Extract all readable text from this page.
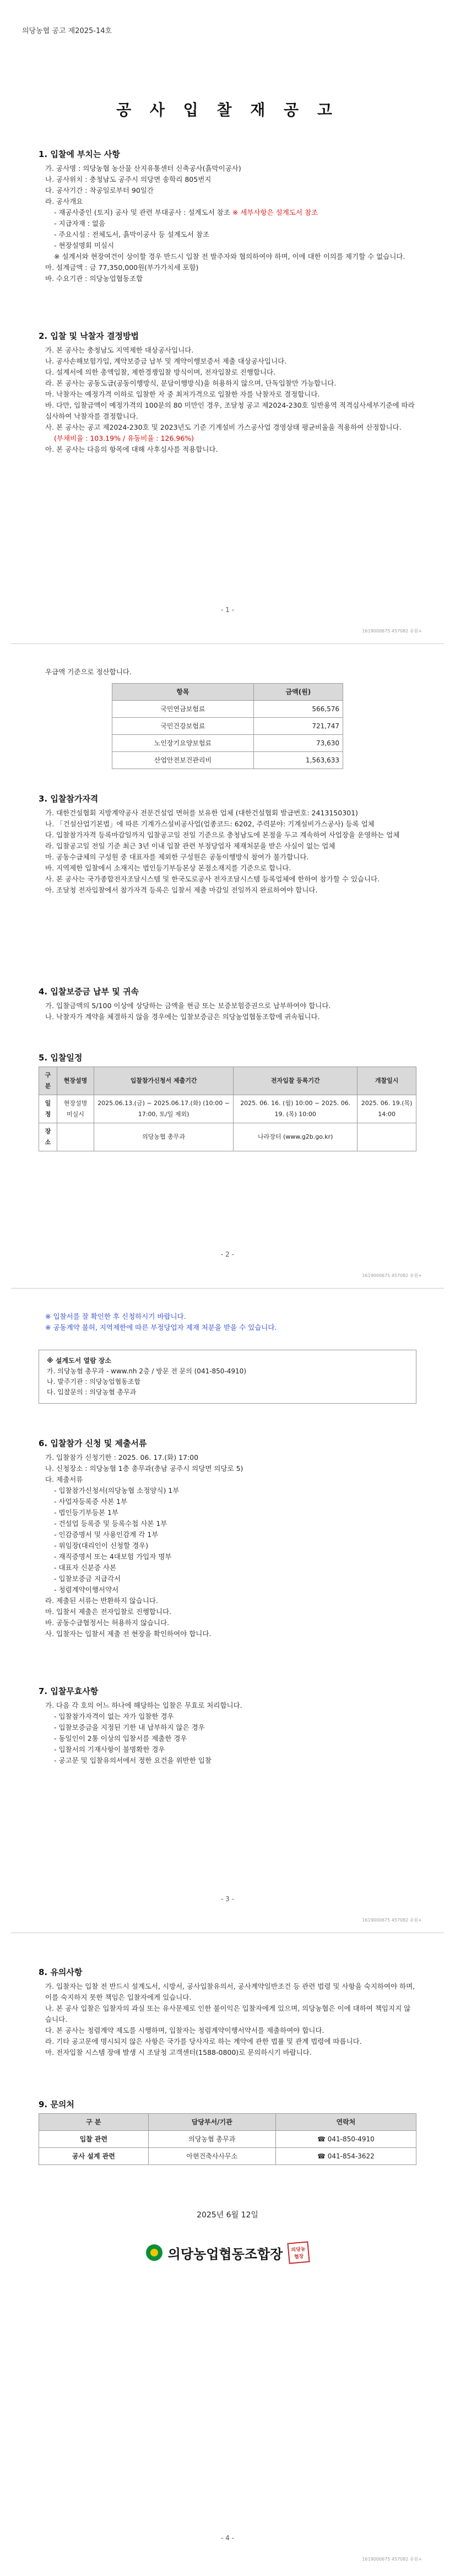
의당농협 공고 제2025-14호
공 사 입 찰 재 공 고
1. 입찰에 부치는 사항
가. 공사명 : 의당농협 농산물 산지유통센터 신축공사(흙막이공사)
나. 공사위치 : 충청남도 공주시 의당면 송학리 805번지
다. 공사기간 : 착공일로부터 90일간
라. 공사개요
- 재공사중인 (토지) 공사 및 관련 부대공사 : 설계도서 참조 ※ 세부사항은 설계도서 참조
- 지급자재 : 없음
- 주요시설 : 전체도서, 흙막이공사 등 설계도서 참조
- 현장설명회 미실시
※ 설계서와 현장여건이 상이할 경우 반드시 입찰 전 발주자와 협의하여야 하며, 이에 대한 이의를 제기할 수 없습니다.
마. 설계금액 : 금 77,350,000원(부가가치세 포함)
바. 수요기관 : 의당농업협동조합
2. 입찰 및 낙찰자 결정방법
가. 본 공사는 충청남도 지역제한 대상공사입니다.
나. 공사손해보험가입, 계약보증금 납부 및 계약이행보증서 제출 대상공사입니다.
다. 설계서에 의한 총액입찰, 제한경쟁입찰 방식이며, 전자입찰로 진행합니다.
라. 본 공사는 공동도급(공동이행방식, 분담이행방식)을 허용하지 않으며, 단독입찰만 가능합니다.
마. 낙찰자는 예정가격 이하로 입찰한 자 중 최저가격으로 입찰한 자를 낙찰자로 결정합니다.
바. 다만, 입찰금액이 예정가격의 100분의 80 미만인 경우, 조달청 공고 제2024-230호 일반용역 적격심사세부기준에 따라 심사하여 낙찰자를 결정합니다.
사. 본 공사는 공고 제2024-230호 및 2023년도 기준 기계설비 가스공사업 경영상태 평균비율을 적용하여 산정합니다.
(부채비율 : 103.19% / 유동비율 : 126.96%)
아. 본 공사는 다음의 항목에 대해 사후심사를 적용합니다.
- 1 -
1619000675 457082 유원+
우급액 기준으로 정산합니다.
항목	금액(원)
국민연금보험료	566,576
국민건강보험료	721,747
노인장기요양보험료	73,630
산업안전보건관리비	1,563,633
3. 입찰참가자격
가. 대한건설협회 지방계약공사 전문건설업 면허를 보유한 업체 (대한건설협회 발급번호: 2413150301)
나. 「건설산업기본법」에 따른 기계가스설비공사업(업종코드: 6202, 주력분야: 기계설비가스공사) 등록 업체
다. 입찰참가자격 등록마감일까지 입찰공고일 전일 기준으로 충청남도에 본점을 두고 계속하여 사업장을 운영하는 업체
라. 입찰공고일 전일 기준 최근 3년 이내 입찰 관련 부정당업자 제재처분을 받은 사실이 없는 업체
마. 공동수급체의 구성원 중 대표자를 제외한 구성원은 공동이행방식 참여가 불가합니다.
바. 지역제한 입찰에서 소재지는 법인등기부등본상 본점소재지를 기준으로 합니다.
사. 본 공사는 국가종합전자조달시스템 및 한국도로공사 전자조달시스템 등록업체에 한하여 참가할 수 있습니다.
아. 조달청 전자입찰에서 참가자격 등록은 입찰서 제출 마감일 전일까지 완료하여야 합니다.
4. 입찰보증금 납부 및 귀속
가. 입찰금액의 5/100 이상에 상당하는 금액을 현금 또는 보증보험증권으로 납부하여야 합니다.
나. 낙찰자가 계약을 체결하지 않을 경우에는 입찰보증금은 의당농업협동조합에 귀속됩니다.
5. 입찰일정
구 분	현장설명	입찰참가신청서 제출기간	전자입찰 등록기간	개찰일시
일 정	현장설명 미실시	2025.06.13.(금) ~ 2025.06.17.(화) (10:00 ~ 17:00, 토/일 제외)	2025. 06. 16. (월) 10:00 ~ 2025. 06. 19. (목) 10:00	2025. 06. 19.(목) 14:00
장 소		의당농협 총무과	나라장터 (www.g2b.go.kr)	
- 2 -
1619000675 457082 유원+
※ 입찰서를 잘 확인한 후 신청하시기 바랍니다.
※ 공동계약 불허, 지역제한에 따른 부정당업자 제재 처분을 받을 수 있습니다.
※ 설계도서 열람 장소
가. 의당농협 총무과 - www.nh 2층 / 방문 전 문의 (041-850-4910)
나. 발주기관 : 의당농업협동조합
다. 입찰문의 : 의당농협 총무과
6. 입찰참가 신청 및 제출서류
가. 입찰참가 신청기한 : 2025. 06. 17.(화) 17:00
나. 신청장소 : 의당농협 1층 총무과(충남 공주시 의당면 의당로 5)
다. 제출서류
- 입찰참가신청서(의당농협 소정양식) 1부
- 사업자등록증 사본 1부
- 법인등기부등본 1부
- 건설업 등록증 및 등록수첩 사본 1부
- 인감증명서 및 사용인감계 각 1부
- 위임장(대리인이 신청할 경우)
- 재직증명서 또는 4대보험 가입자 명부
- 대표자 신분증 사본
- 입찰보증금 지급각서
- 청렴계약이행서약서
라. 제출된 서류는 반환하지 않습니다.
마. 입찰서 제출은 전자입찰로 진행합니다.
바. 공동수급협정서는 허용하지 않습니다.
사. 입찰자는 입찰서 제출 전 현장을 확인하여야 합니다.
7. 입찰무효사항
가. 다음 각 호의 어느 하나에 해당하는 입찰은 무효로 처리합니다.
- 입찰참가자격이 없는 자가 입찰한 경우
- 입찰보증금을 지정된 기한 내 납부하지 않은 경우
- 동일인이 2통 이상의 입찰서를 제출한 경우
- 입찰서의 기재사항이 불명확한 경우
- 공고문 및 입찰유의서에서 정한 요건을 위반한 입찰
- 3 -
1619000675 457082 유원+
8. 유의사항
가. 입찰자는 입찰 전 반드시 설계도서, 시방서, 공사입찰유의서, 공사계약일반조건 등 관련 법령 및 사항을 숙지하여야 하며, 이를 숙지하지 못한 책임은 입찰자에게 있습니다.
나. 본 공사 입찰은 입찰자의 과실 또는 유사문제로 인한 불이익은 입찰자에게 있으며, 의당농협은 이에 대하여 책임지지 않습니다.
다. 본 공사는 청렴계약 제도를 시행하며, 입찰자는 청렴계약이행서약서를 제출하여야 합니다.
라. 기타 공고문에 명시되지 않은 사항은 국가를 당사자로 하는 계약에 관한 법률 및 관계 법령에 따릅니다.
마. 전자입찰 시스템 장애 발생 시 조달청 고객센터(1588-0800)로 문의하시기 바랍니다.
9. 문의처
구 분	담당부서/기관	연락처
입찰 관련	의당농협 총무과	☎ 041-850-4910
공사 설계 관련	아현건축사사무소	☎ 041-854-3622
2025년 6월 12일
의당농업협동조합장	의당농협장
- 4 -
1619000675 457082 유원+
